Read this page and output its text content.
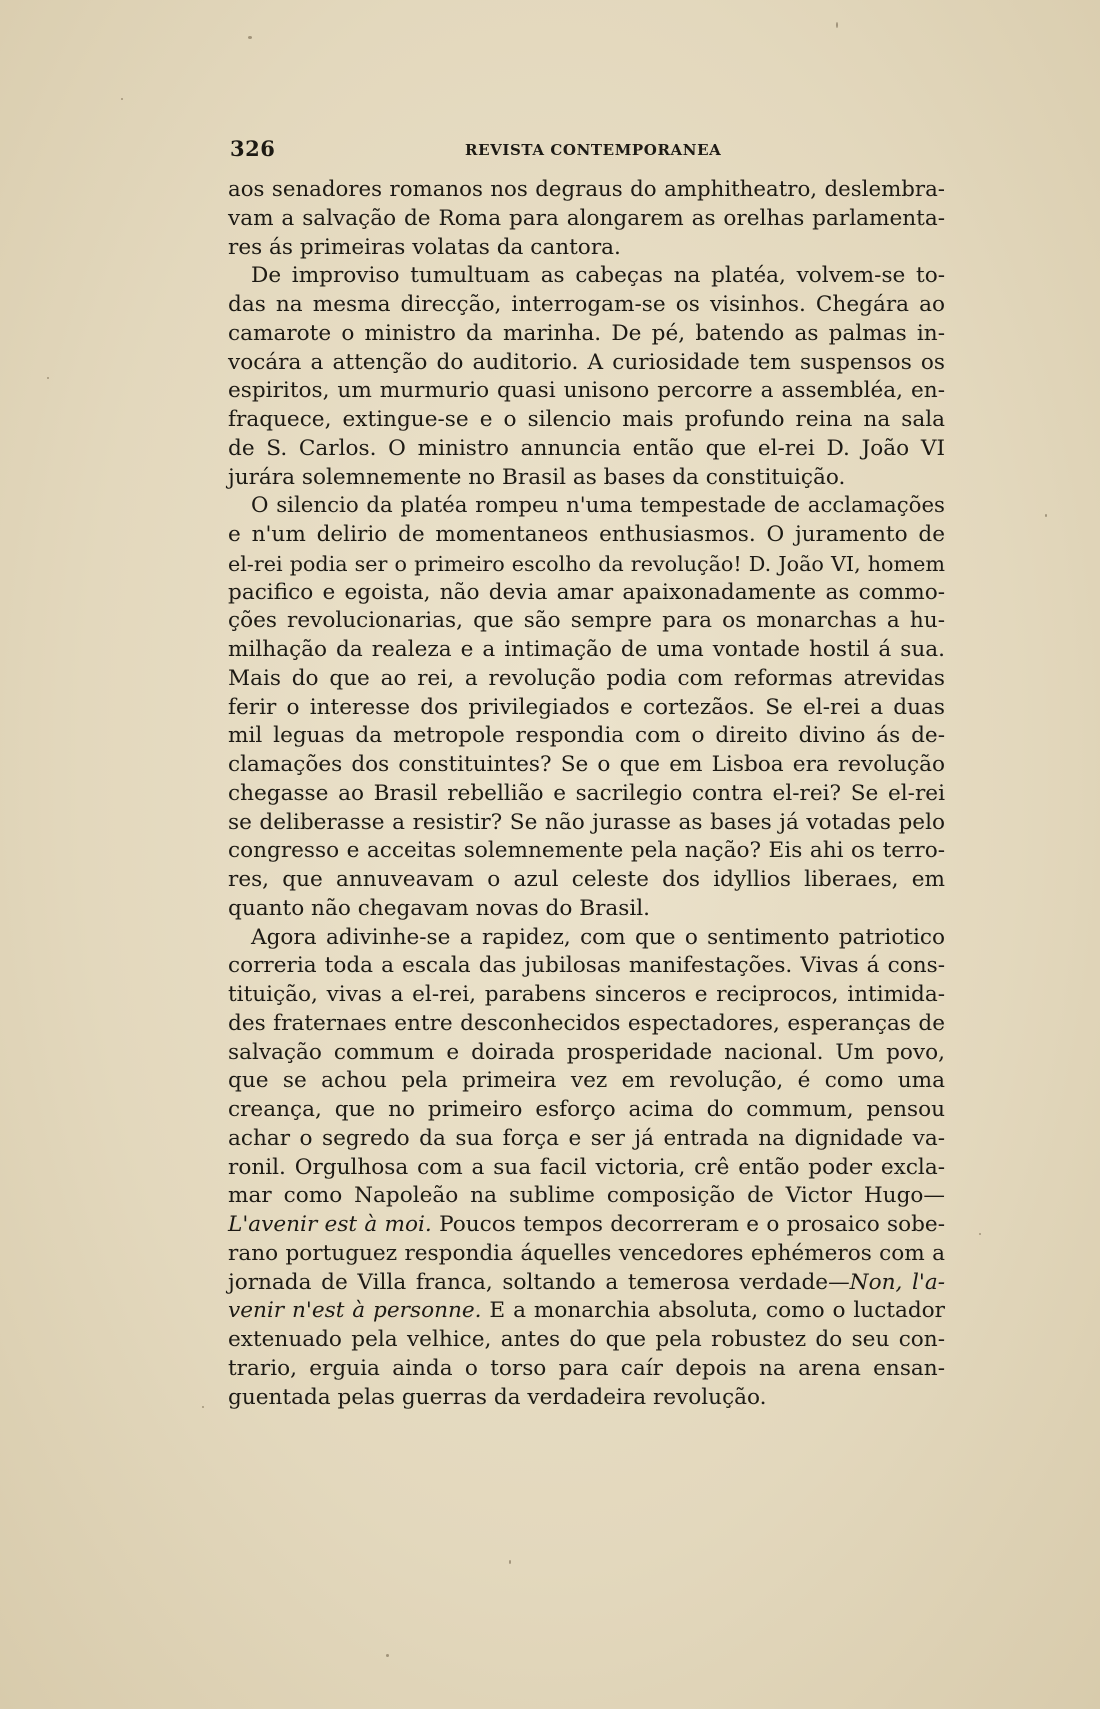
326	REVISTA CONTEMPORANEA
aos senadores romanos nos degraus do amphitheatro, deslembra-
vam a salvação de Roma para alongarem as orelhas parlamenta-
res ás primeiras volatas da cantora.
De improviso tumultuam as cabeças na platéa, volvem-se to-
das na mesma direcção, interrogam-se os visinhos. Chegára ao
camarote o ministro da marinha. De pé, batendo as palmas in-
vocára a attenção do auditorio. A curiosidade tem suspensos os
espiritos, um murmurio quasi unisono percorre a assembléa, en-
fraquece, extingue-se e o silencio mais profundo reina na sala
de S. Carlos. O ministro annuncia então que el-rei D. João VI
jurára solemnemente no Brasil as bases da constituição.
O silencio da platéa rompeu n'uma tempestade de acclamações
e n'um delirio de momentaneos enthusiasmos. O juramento de
el-rei podia ser o primeiro escolho da revolução! D. João VI, homem
pacifico e egoista, não devia amar apaixonadamente as commo-
ções revolucionarias, que são sempre para os monarchas a hu-
milhação da realeza e a intimação de uma vontade hostil á sua.
Mais do que ao rei, a revolução podia com reformas atrevidas
ferir o interesse dos privilegiados e cortezãos. Se el-rei a duas
mil leguas da metropole respondia com o direito divino ás de-
clamações dos constituintes? Se o que em Lisboa era revolução
chegasse ao Brasil rebellião e sacrilegio contra el-rei? Se el-rei
se deliberasse a resistir? Se não jurasse as bases já votadas pelo
congresso e acceitas solemnemente pela nação? Eis ahi os terro-
res, que annuveavam o azul celeste dos idyllios liberaes, em
quanto não chegavam novas do Brasil.
Agora adivinhe-se a rapidez, com que o sentimento patriotico
correria toda a escala das jubilosas manifestações. Vivas á cons-
tituição, vivas a el-rei, parabens sinceros e reciprocos, intimida-
des fraternaes entre desconhecidos espectadores, esperanças de
salvação commum e doirada prosperidade nacional. Um povo,
que se achou pela primeira vez em revolução, é como uma
creança, que no primeiro esforço acima do commum, pensou
achar o segredo da sua força e ser já entrada na dignidade va-
ronil. Orgulhosa com a sua facil victoria, crê então poder excla-
mar como Napoleão na sublime composição de Victor Hugo—
L'avenir est à moi. Poucos tempos decorreram e o prosaico sobe-
rano portuguez respondia áquelles vencedores ephémeros com a
jornada de Villa franca, soltando a temerosa verdade—Non, l'a-
venir n'est à personne. E a monarchia absoluta, como o luctador
extenuado pela velhice, antes do que pela robustez do seu con-
trario, erguia ainda o torso para caír depois na arena ensan-
guentada pelas guerras da verdadeira revolução.
